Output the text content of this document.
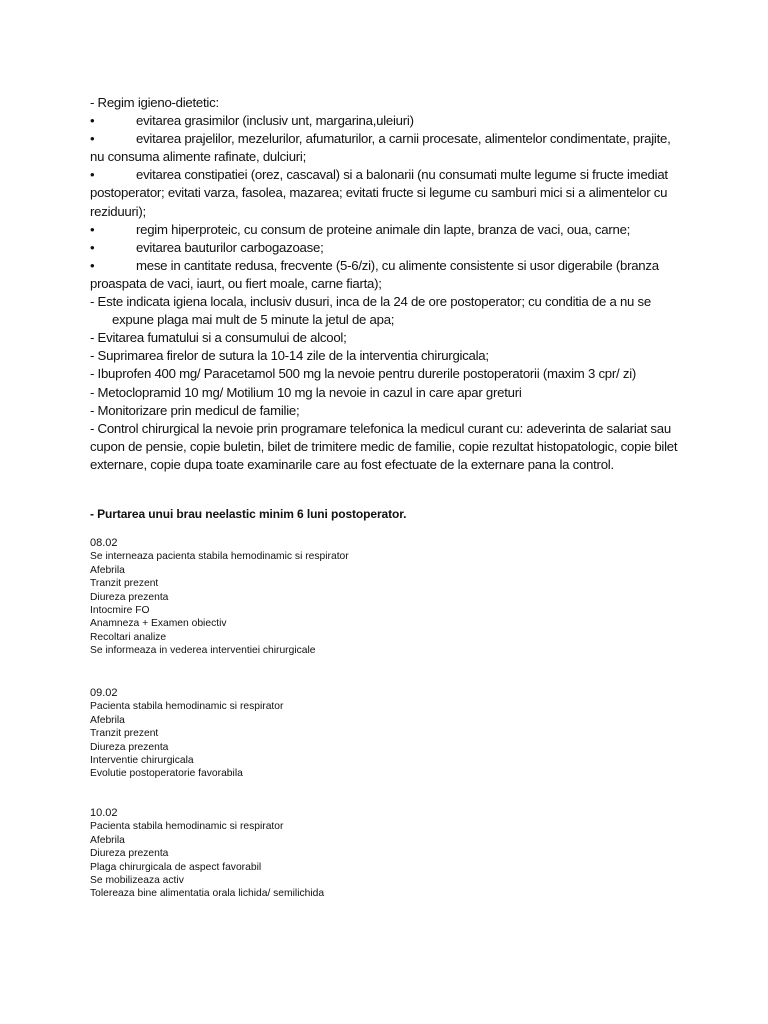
- Regim igieno-dietetic:

•	evitarea grasimilor (inclusiv unt, margarina,uleiuri)
•	evitarea prajelilor, mezelurilor, afumaturilor, a carnii procesate, alimentelor condimentate, prajite,

nu consuma alimente rafinate, dulciuri;

•	evitarea constipatiei (orez, cascaval) si a balonarii (nu consumati multe legume si fructe imediat

postoperator; evitati varza, fasolea, mazarea; evitati fructe si legume cu samburi mici si a alimentelor cu

reziduuri);

•	regim hiperproteic, cu consum de proteine animale din lapte, branza de vaci, oua, carne;
•	evitarea bauturilor carbogazoase;
•	mese in cantitate redusa, frecvente (5-6/zi), cu alimente consistente si usor digerabile (branza

proaspata de vaci, iaurt, ou fiert moale, carne fiarta);

- Este indicata igiena locala, inclusiv dusuri, inca de la 24 de ore postoperator; cu conditia de a nu se

expune plaga mai mult de 5 minute la jetul de apa;

- Evitarea fumatului si a consumului de alcool;

- Suprimarea firelor de sutura la 10-14 zile de la interventia chirurgicala;

- Ibuprofen 400 mg/ Paracetamol 500 mg la nevoie pentru durerile postoperatorii (maxim 3 cpr/ zi)

- Metoclopramid 10 mg/ Motilium 10 mg la nevoie in cazul in care apar greturi

- Monitorizare prin medicul de familie;

- Control chirurgical la nevoie prin programare telefonica la medicul curant cu: adeverinta de salariat sau

cupon de pensie, copie buletin, bilet de trimitere medic de familie, copie rezultat histopatologic, copie bilet

externare, copie dupa toate examinarile care au fost efectuate de la externare pana la control.

- Purtarea unui brau neelastic minim 6 luni postoperator.

08.02

Se interneaza pacienta stabila hemodinamic si respirator

Afebrila

Tranzit prezent

Diureza prezenta

Intocmire FO

Anamneza + Examen obiectiv

Recoltari analize

Se informeaza in vederea interventiei chirurgicale

09.02

Pacienta stabila hemodinamic si respirator

Afebrila

Tranzit prezent

Diureza prezenta

Interventie chirurgicala

Evolutie postoperatorie favorabila

10.02

Pacienta stabila hemodinamic si respirator

Afebrila

Diureza prezenta

Plaga chirurgicala de aspect favorabil

Se mobilizeaza activ

Tolereaza bine alimentatia orala lichida/ semilichida
